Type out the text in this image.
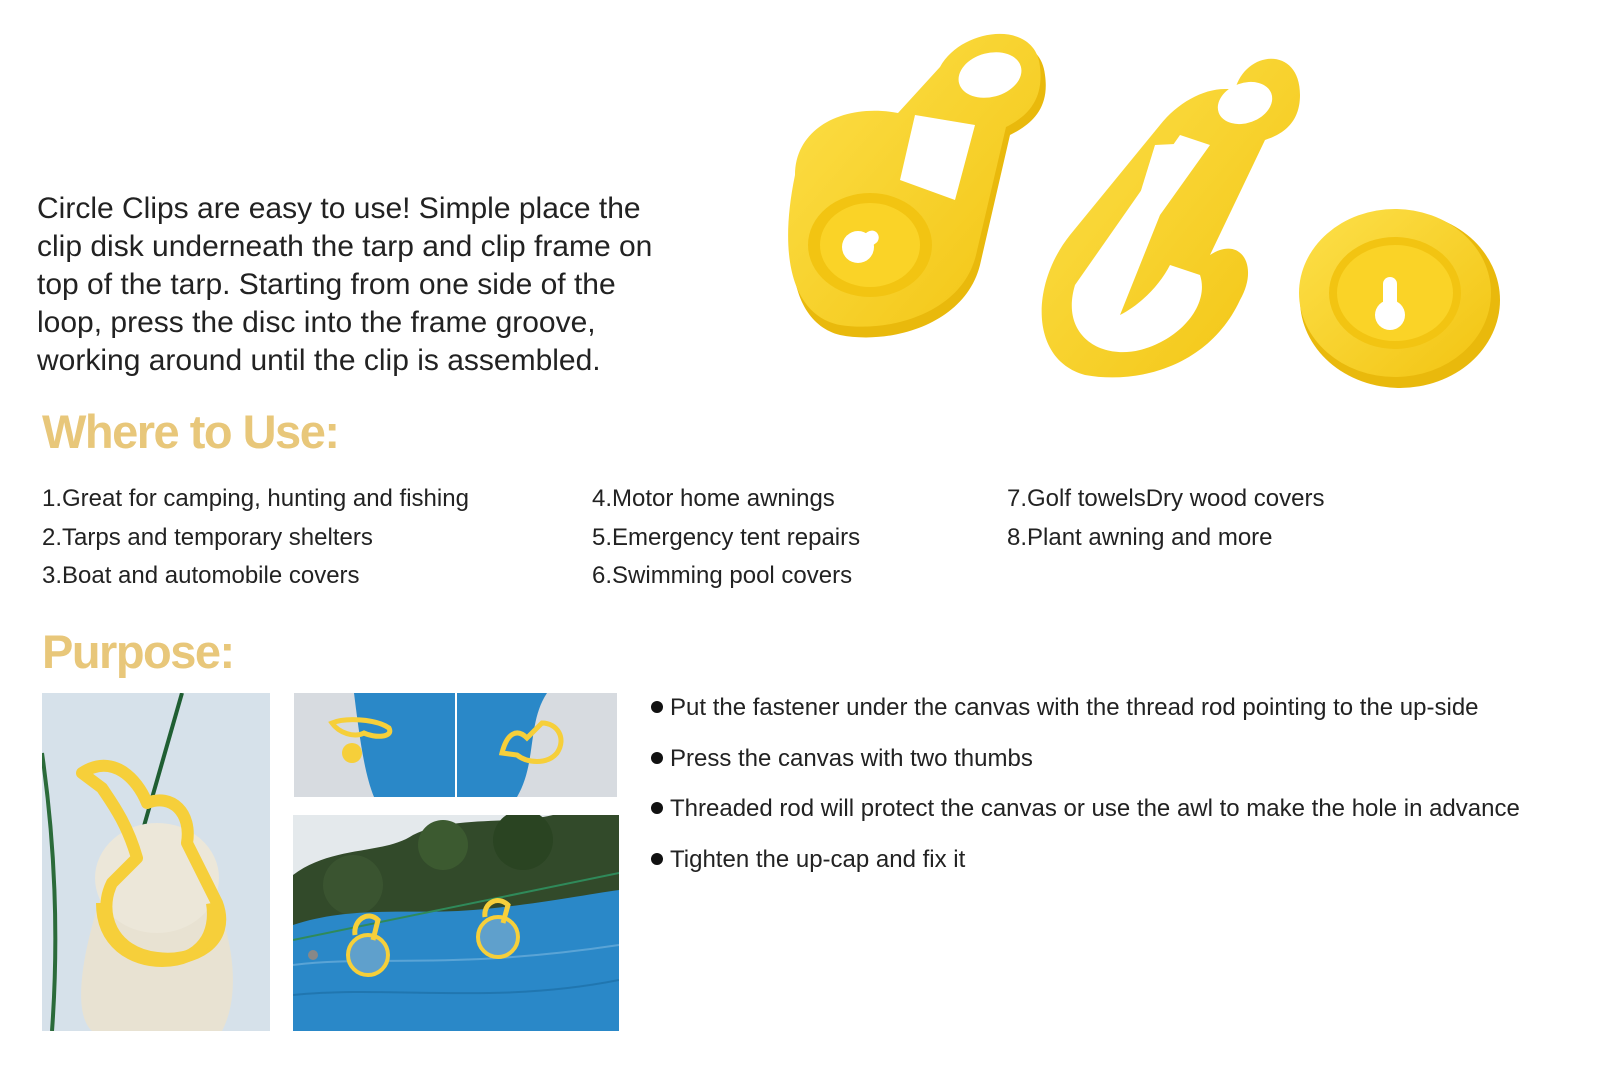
Circle Clips are easy to use! Simple place the

clip disk underneath the tarp and clip frame on

top of the tarp. Starting from one side of the

loop, press the disc into the frame groove,

working around until the clip is assembled.

Where to Use:
1.Great for camping, hunting and fishing
2.Tarps and temporary shelters
3.Boat and automobile covers
4.Motor home awnings
5.Emergency tent repairs
6.Swimming pool covers
7.Golf towelsDry wood covers
8.Plant awning and more
Purpose:
Put the fastener under the canvas with the thread rod pointing to the up-side
Press the canvas with two thumbs
Threaded rod will protect the canvas or use the awl to make the hole in advance
Tighten the up-cap and fix it
